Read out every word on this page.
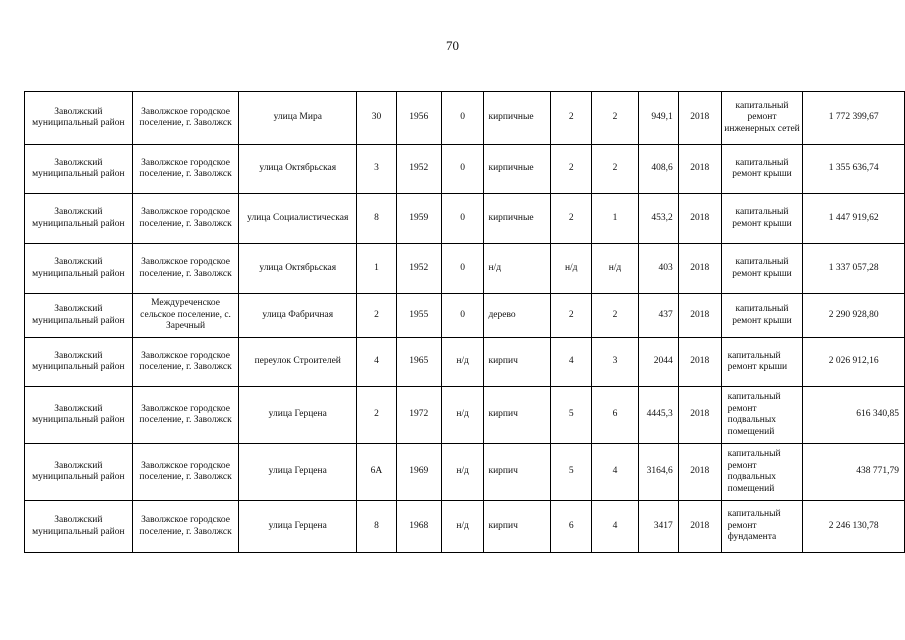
70
Заволжский муниципальный район	Заволжское городское поселение, г. Заволжск	улица Мира	30	1956	0	кирпичные	2	2	949,1	2018	капитальный ремонт инженерных сетей	1 772 399,67
Заволжский муниципальный район	Заволжское городское поселение, г. Заволжск	улица Октябрьская	3	1952	0	кирпичные	2	2	408,6	2018	капитальный ремонт крыши	1 355 636,74
Заволжский муниципальный район	Заволжское городское поселение, г. Заволжск	улица Социалистическая	8	1959	0	кирпичные	2	1	453,2	2018	капитальный ремонт крыши	1 447 919,62
Заволжский муниципальный район	Заволжское городское поселение, г. Заволжск	улица Октябрьская	1	1952	0	н/д	н/д	н/д	403	2018	капитальный ремонт крыши	1 337 057,28
Заволжский муниципальный район	Междуреченское сельское поселение, с. Заречный	улица Фабричная	2	1955	0	дерево	2	2	437	2018	капитальный ремонт крыши	2 290 928,80
Заволжский муниципальный район	Заволжское городское поселение, г. Заволжск	переулок Строителей	4	1965	н/д	кирпич	4	3	2044	2018	капитальный ремонт крыши	2 026 912,16
Заволжский муниципальный район	Заволжское городское поселение, г. Заволжск	улица Герцена	2	1972	н/д	кирпич	5	6	4445,3	2018	капитальный ремонт подвальных помещений	616 340,85
Заволжский муниципальный район	Заволжское городское поселение, г. Заволжск	улица Герцена	6А	1969	н/д	кирпич	5	4	3164,6	2018	капитальный ремонт подвальных помещений	438 771,79
Заволжский муниципальный район	Заволжское городское поселение, г. Заволжск	улица Герцена	8	1968	н/д	кирпич	6	4	3417	2018	капитальный ремонт фундамента	2 246 130,78
